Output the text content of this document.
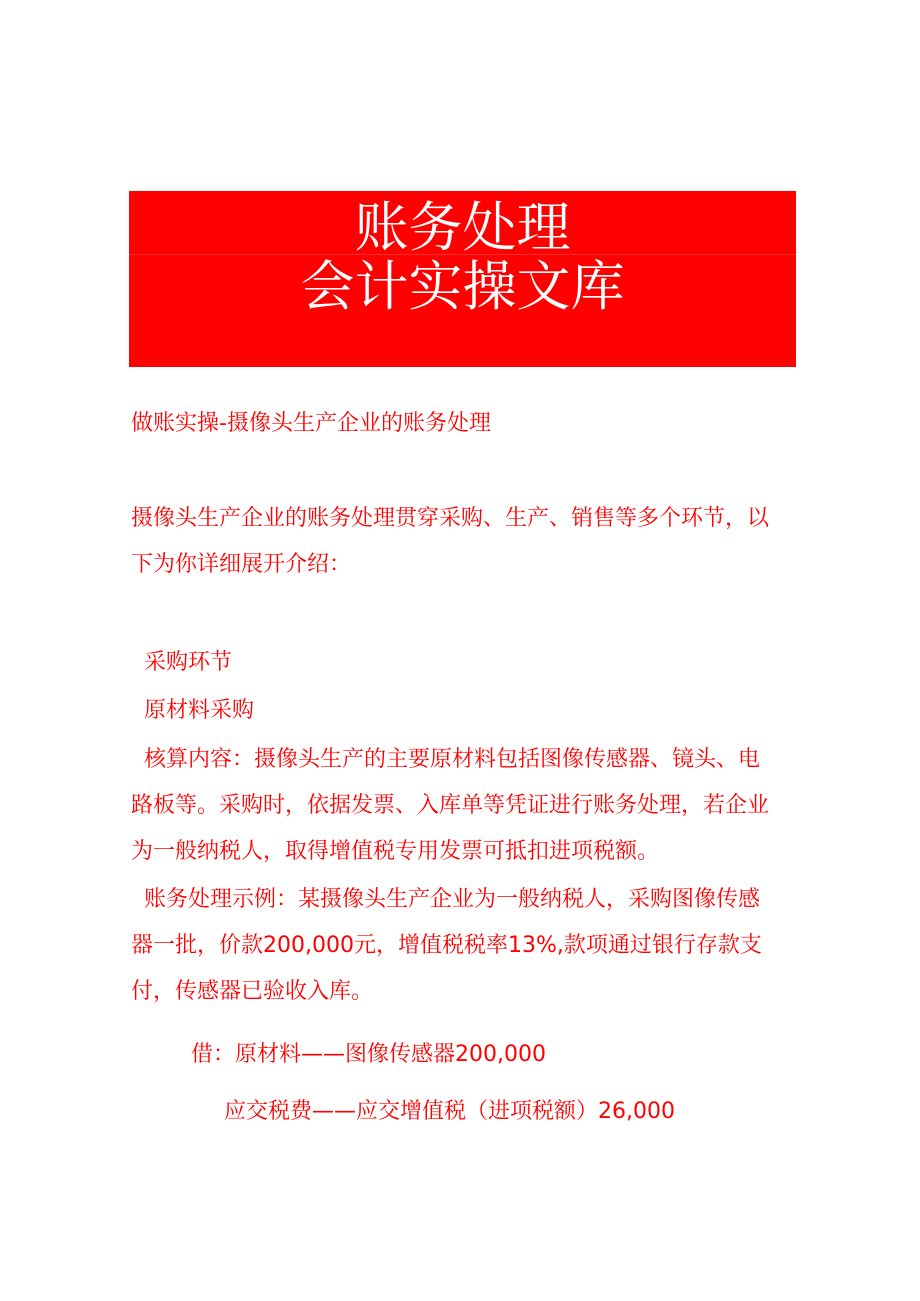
账务处理
会计实操文库
做账实操-摄像头生产企业的账务处理

摄像头生产企业的账务处理贯穿采购、生产、销售等多个环节，以

下为你详细展开介绍：

采购环节
原材料采购

核算内容：摄像头生产的主要原材料包括图像传感器、镜头、电

路板等。采购时，依据发票、入库单等凭证进行账务处理，若企业

为一般纳税人，取得增值税专用发票可抵扣进项税额。

账务处理示例：某摄像头生产企业为一般纳税人，采购图像传感

器一批，价款200,000元，增值税税率13%,款项通过银行存款支

付，传感器已验收入库。

借：原材料——图像传感器200,000
应交税费——应交增值税（进项税额）26,000
